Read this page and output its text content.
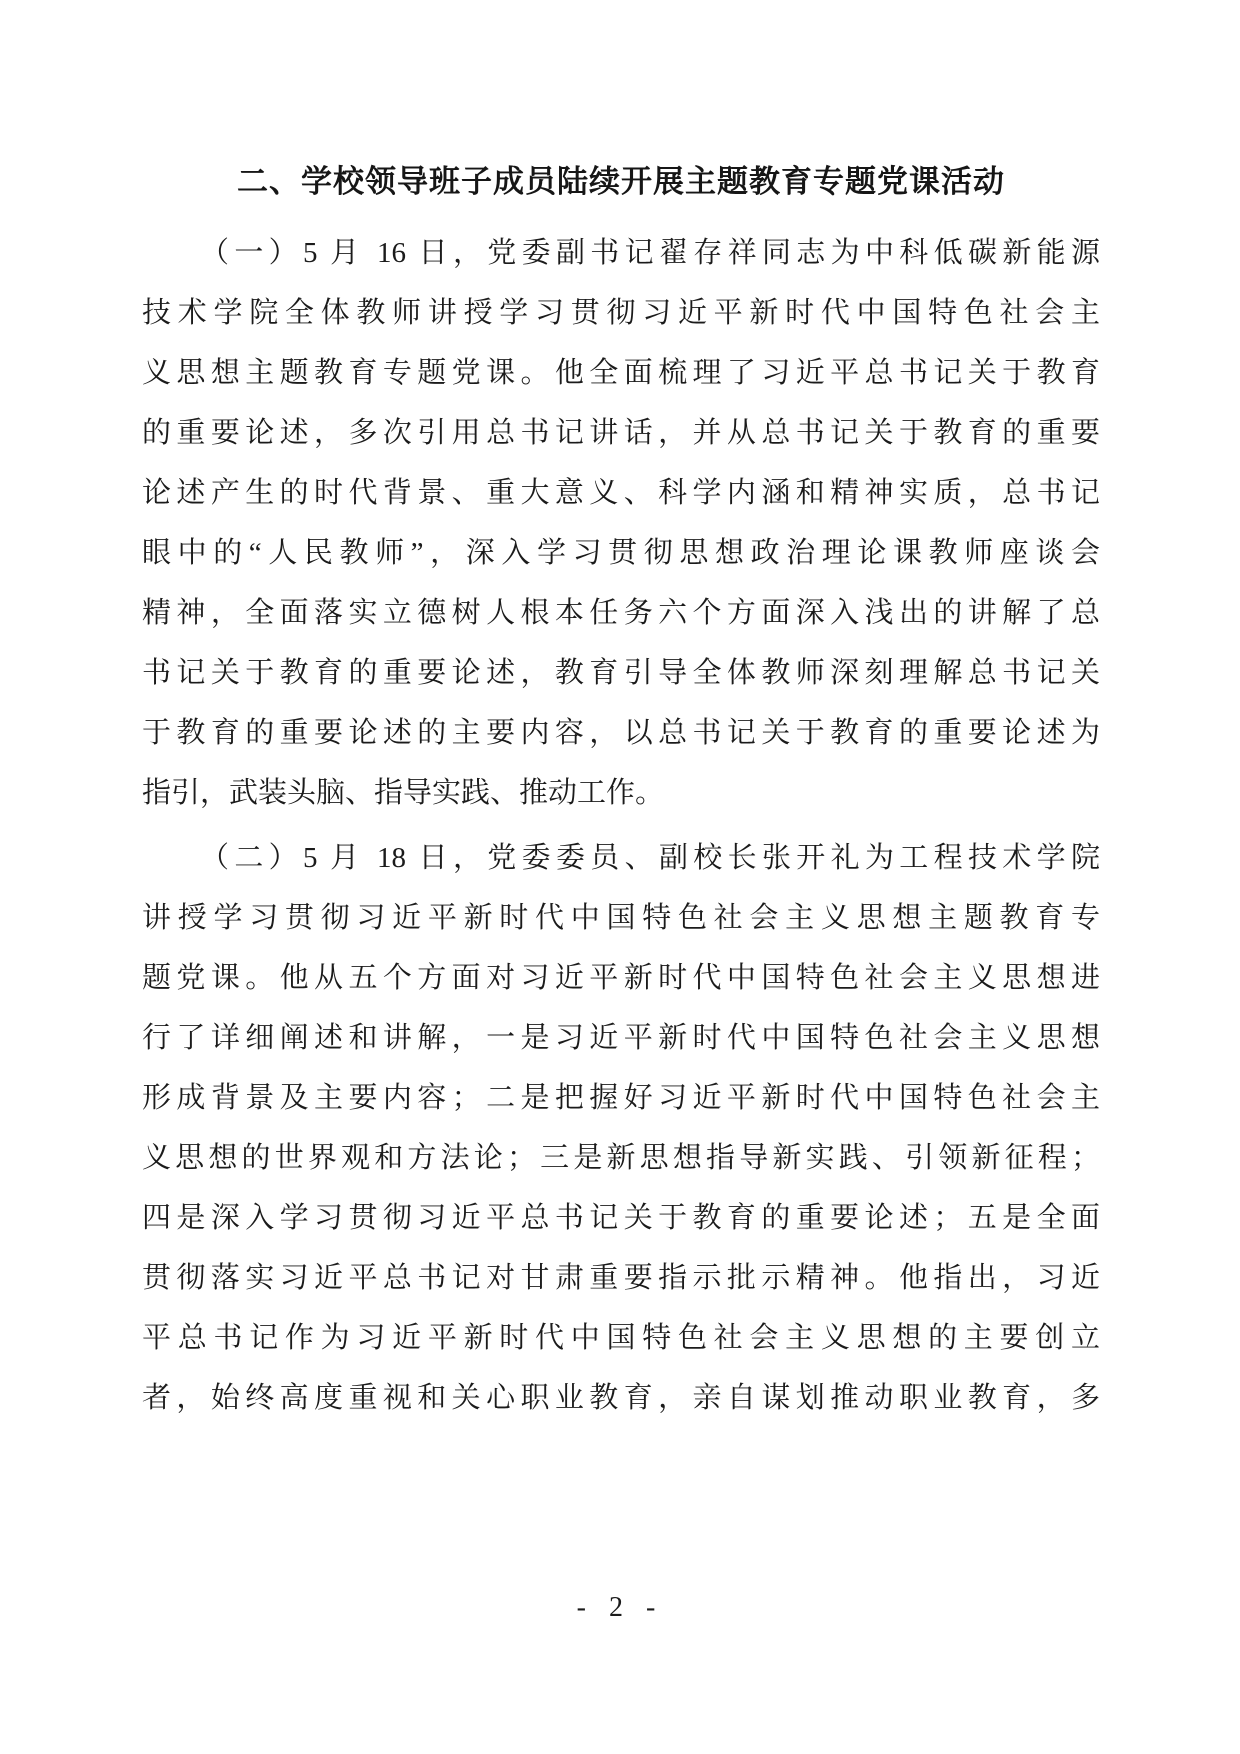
二、学校领导班子成员陆续开展主题教育专题党课活动
（一）5 月 16 日，党委副书记翟存祥同志为中科低碳新能源
技术学院全体教师讲授学习贯彻习近平新时代中国特色社会主
义思想主题教育专题党课。他全面梳理了习近平总书记关于教育
的重要论述，多次引用总书记讲话，并从总书记关于教育的重要
论述产生的时代背景、重大意义、科学内涵和精神实质，总书记
眼中的“人民教师”，深入学习贯彻思想政治理论课教师座谈会
精神，全面落实立德树人根本任务六个方面深入浅出的讲解了总
书记关于教育的重要论述，教育引导全体教师深刻理解总书记关
于教育的重要论述的主要内容，以总书记关于教育的重要论述为
指引，武装头脑、指导实践、推动工作。
（二）5 月 18 日，党委委员、副校长张开礼为工程技术学院
讲授学习贯彻习近平新时代中国特色社会主义思想主题教育专
题党课。他从五个方面对习近平新时代中国特色社会主义思想进
行了详细阐述和讲解，一是习近平新时代中国特色社会主义思想
形成背景及主要内容；二是把握好习近平新时代中国特色社会主
义思想的世界观和方法论；三是新思想指导新实践、引领新征程；
四是深入学习贯彻习近平总书记关于教育的重要论述；五是全面
贯彻落实习近平总书记对甘肃重要指示批示精神。他指出，习近
平总书记作为习近平新时代中国特色社会主义思想的主要创立
者，始终高度重视和关心职业教育，亲自谋划推动职业教育，多
- 2 -
